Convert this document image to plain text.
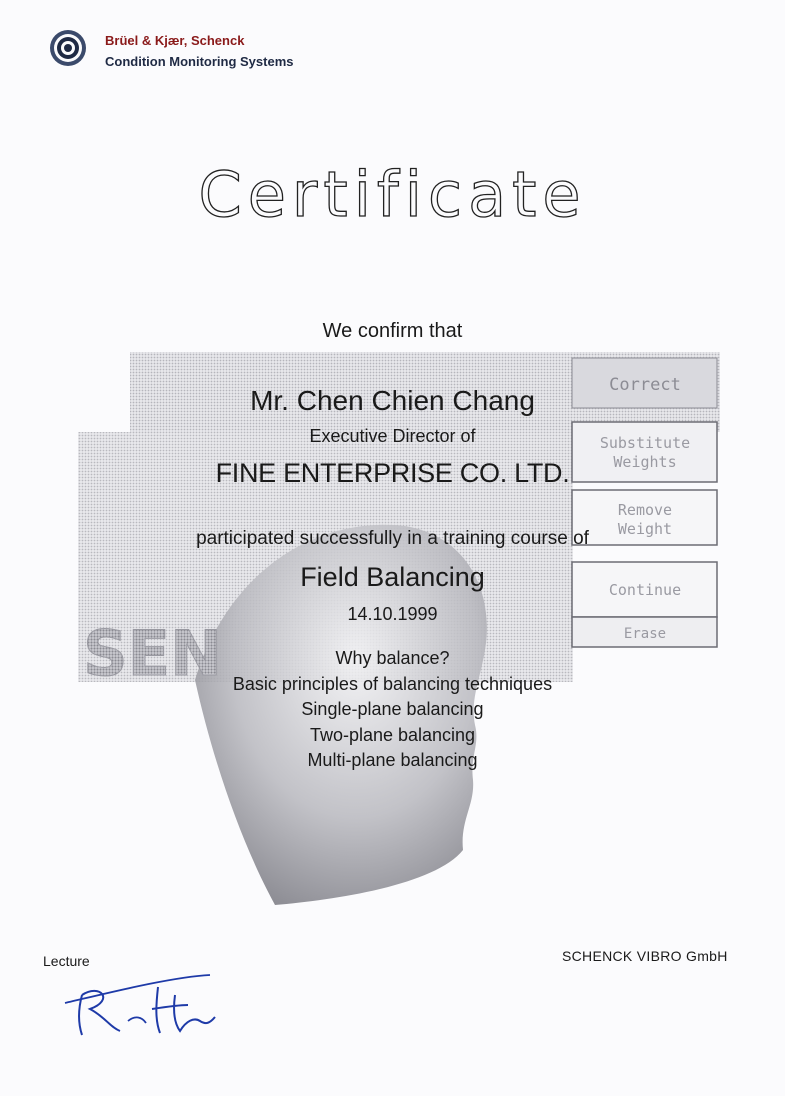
Brüel & Kjær, Schenck
Condition Monitoring Systems
Certificate
Correct
Substitute
Weights
Remove
Weight
Continue
Erase
SEN
We confirm that
Mr. Chen Chien Chang
Executive Director of
FINE ENTERPRISE CO. LTD.
participated successfully in a training course of
Field Balancing
14.10.1999
Why balance?
Basic principles of balancing techniques
Single-plane balancing
Two-plane balancing
Multi-plane balancing
Lecture	SCHENCK VIBRO GmbH
